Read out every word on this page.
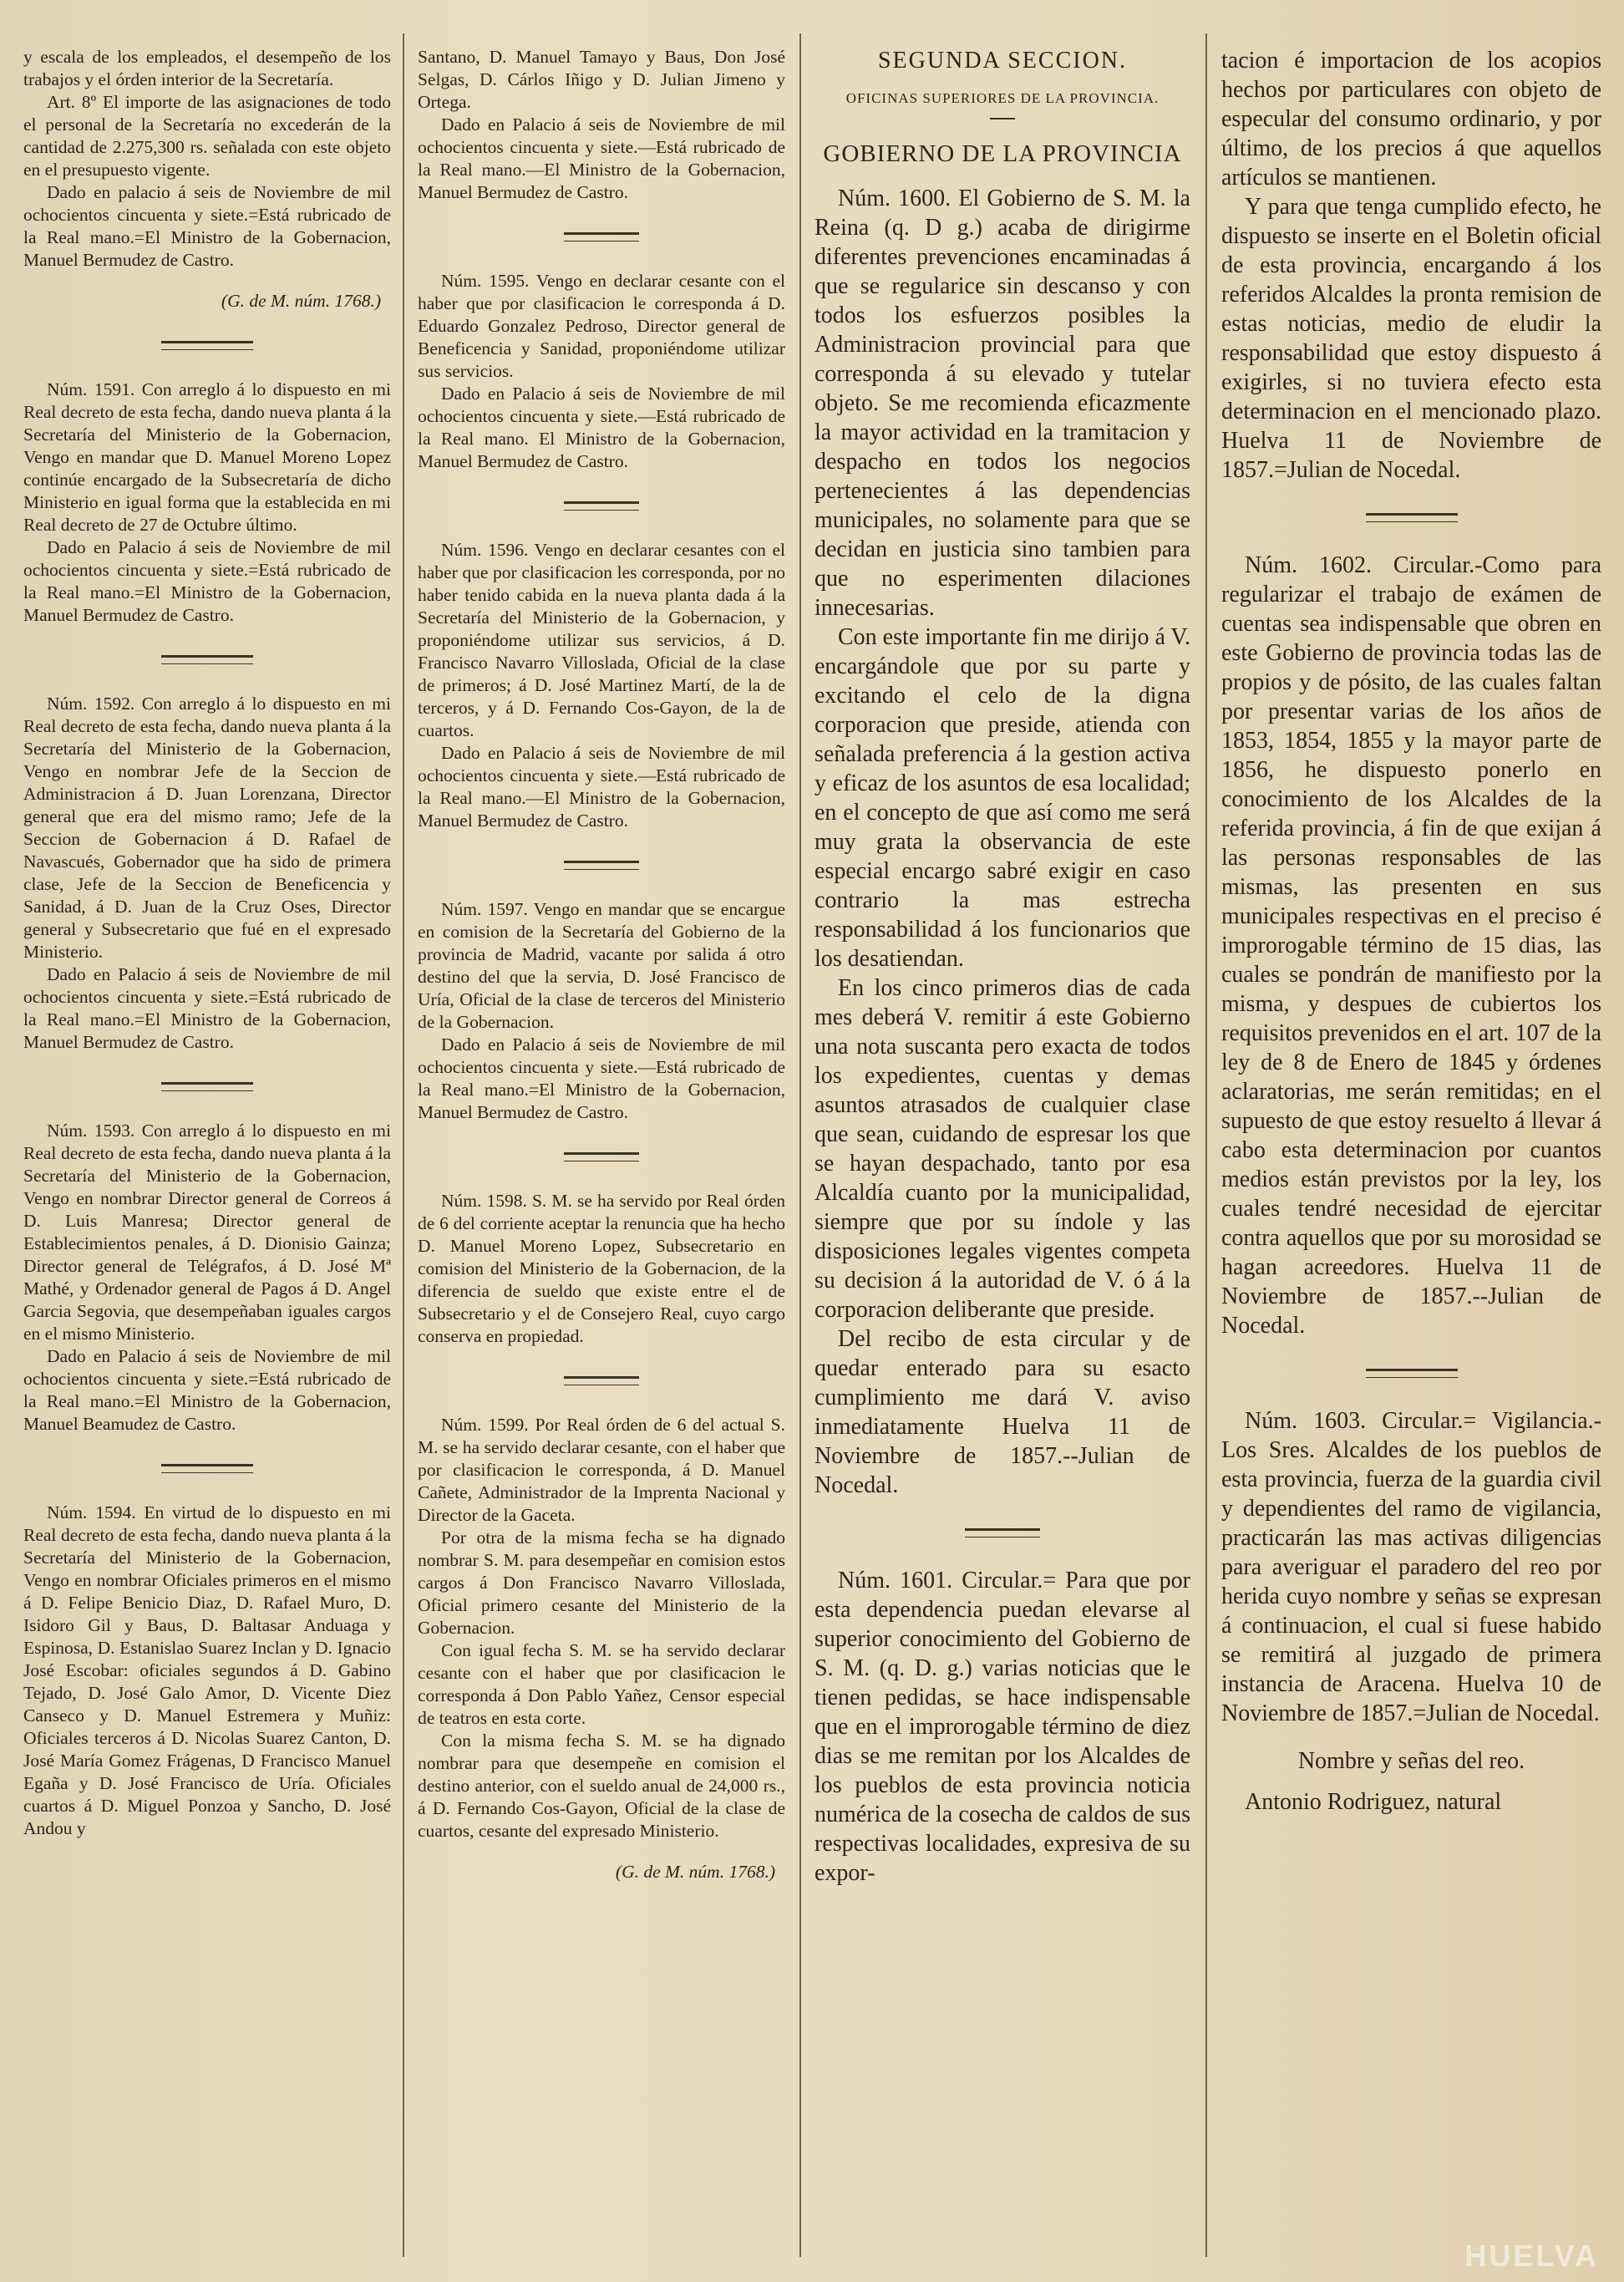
y escala de los empleados, el desempeño de los trabajos y el órden interior de la Secretaría.

Art. 8º El importe de las asignaciones de todo el personal de la Secretaría no excederán de la cantidad de 2.275,300 rs. señalada con este objeto en el presupuesto vigente.

Dado en palacio á seis de Noviembre de mil ochocientos cincuenta y siete.=Está rubricado de la Real mano.=El Ministro de la Gobernacion, Manuel Bermudez de Castro.

(G. de M. núm. 1768.)

Núm. 1591. Con arreglo á lo dispuesto en mi Real decreto de esta fecha, dando nueva planta á la Secretaría del Ministerio de la Gobernacion, Vengo en mandar que D. Manuel Moreno Lopez continúe encargado de la Subsecretaría de dicho Ministerio en igual forma que la establecida en mi Real decreto de 27 de Octubre último.

Dado en Palacio á seis de Noviembre de mil ochocientos cincuenta y siete.=Está rubricado de la Real mano.=El Ministro de la Gobernacion, Manuel Bermudez de Castro.

Núm. 1592. Con arreglo á lo dispuesto en mi Real decreto de esta fecha, dando nueva planta á la Secretaría del Ministerio de la Gobernacion, Vengo en nombrar Jefe de la Seccion de Administracion á D. Juan Lorenzana, Director general que era del mismo ramo; Jefe de la Seccion de Gobernacion á D. Rafael de Navascués, Gobernador que ha sido de primera clase, Jefe de la Seccion de Beneficencia y Sanidad, á D. Juan de la Cruz Oses, Director general y Subsecretario que fué en el expresado Ministerio.

Dado en Palacio á seis de Noviembre de mil ochocientos cincuenta y siete.=Está rubricado de la Real mano.=El Ministro de la Gobernacion, Manuel Bermudez de Castro.

Núm. 1593. Con arreglo á lo dispuesto en mi Real decreto de esta fecha, dando nueva planta á la Secretaría del Ministerio de la Gobernacion, Vengo en nombrar Director general de Correos á D. Luis Manresa; Director general de Establecimientos penales, á D. Dionisio Gainza; Director general de Telégrafos, á D. José Mª Mathé, y Ordenador general de Pagos á D. Angel Garcia Segovia, que desempeñaban iguales cargos en el mismo Ministerio.

Dado en Palacio á seis de Noviembre de mil ochocientos cincuenta y siete.=Está rubricado de la Real mano.=El Ministro de la Gobernacion, Manuel Beamudez de Castro.

Núm. 1594. En virtud de lo dispuesto en mi Real decreto de esta fecha, dando nueva planta á la Secretaría del Ministerio de la Gobernacion, Vengo en nombrar Oficiales primeros en el mismo á D. Felipe Benicio Diaz, D. Rafael Muro, D. Isidoro Gil y Baus, D. Baltasar Anduaga y Espinosa, D. Estanislao Suarez Inclan y D. Ignacio José Escobar: oficiales segundos á D. Gabino Tejado, D. José Galo Amor, D. Vicente Diez Canseco y D. Manuel Estremera y Muñiz: Oficiales terceros á D. Nicolas Suarez Canton, D. José María Gomez Frágenas, D Francisco Manuel Egaña y D. José Francisco de Uría. Oficiales cuartos á D. Miguel Ponzoa y Sancho, D. José Andou y

Santano, D. Manuel Tamayo y Baus, Don José Selgas, D. Cárlos Iñigo y D. Julian Jimeno y Ortega.

Dado en Palacio á seis de Noviembre de mil ochocientos cincuenta y siete.—Está rubricado de la Real mano.—El Ministro de la Gobernacion, Manuel Bermudez de Castro.

Núm. 1595. Vengo en declarar cesante con el haber que por clasificacion le corresponda á D. Eduardo Gonzalez Pedroso, Director general de Beneficencia y Sanidad, proponiéndome utilizar sus servicios.

Dado en Palacio á seis de Noviembre de mil ochocientos cincuenta y siete.—Está rubricado de la Real mano. El Ministro de la Gobernacion, Manuel Bermudez de Castro.

Núm. 1596. Vengo en declarar cesantes con el haber que por clasificacion les corresponda, por no haber tenido cabida en la nueva planta dada á la Secretaría del Ministerio de la Gobernacion, y proponiéndome utilizar sus servicios, á D. Francisco Navarro Villoslada, Oficial de la clase de primeros; á D. José Martinez Martí, de la de terceros, y á D. Fernando Cos-Gayon, de la de cuartos.

Dado en Palacio á seis de Noviembre de mil ochocientos cincuenta y siete.—Está rubricado de la Real mano.—El Ministro de la Gobernacion, Manuel Bermudez de Castro.

Núm. 1597. Vengo en mandar que se encargue en comision de la Secretaría del Gobierno de la provincia de Madrid, vacante por salida á otro destino del que la servia, D. José Francisco de Uría, Oficial de la clase de terceros del Ministerio de la Gobernacion.

Dado en Palacio á seis de Noviembre de mil ochocientos cincuenta y siete.—Está rubricado de la Real mano.=El Ministro de la Gobernacion, Manuel Bermudez de Castro.

Núm. 1598. S. M. se ha servido por Real órden de 6 del corriente aceptar la renuncia que ha hecho D. Manuel Moreno Lopez, Subsecretario en comision del Ministerio de la Gobernacion, de la diferencia de sueldo que existe entre el de Subsecretario y el de Consejero Real, cuyo cargo conserva en propiedad.

Núm. 1599. Por Real órden de 6 del actual S. M. se ha servido declarar cesante, con el haber que por clasificacion le corresponda, á D. Manuel Cañete, Administrador de la Imprenta Nacional y Director de la Gaceta.

Por otra de la misma fecha se ha dignado nombrar S. M. para desempeñar en comision estos cargos á Don Francisco Navarro Villoslada, Oficial primero cesante del Ministerio de la Gobernacion.

Con igual fecha S. M. se ha servido declarar cesante con el haber que por clasificacion le corresponda á Don Pablo Yañez, Censor especial de teatros en esta corte.

Con la misma fecha S. M. se ha dignado nombrar para que desempeñe en comision el destino anterior, con el sueldo anual de 24,000 rs., á D. Fernando Cos-Gayon, Oficial de la clase de cuartos, cesante del expresado Ministerio.

(G. de M. núm. 1768.)
SEGUNDA SECCION.
OFICINAS SUPERIORES DE LA PROVINCIA.
GOBIERNO DE LA PROVINCIA

Núm. 1600. El Gobierno de S. M. la Reina (q. D g.) acaba de dirigirme diferentes prevenciones encaminadas á que se regularice sin descanso y con todos los esfuerzos posibles la Administracion provincial para que corresponda á su elevado y tutelar objeto. Se me recomienda eficazmente la mayor actividad en la tramitacion y despacho en todos los negocios pertenecientes á las dependencias municipales, no solamente para que se decidan en justicia sino tambien para que no esperimenten dilaciones innecesarias.

Con este importante fin me dirijo á V. encargándole que por su parte y excitando el celo de la digna corporacion que preside, atienda con señalada preferencia á la gestion activa y eficaz de los asuntos de esa localidad; en el concepto de que así como me será muy grata la observancia de este especial encargo sabré exigir en caso contrario la mas estrecha responsabilidad á los funcionarios que los desatiendan.

En los cinco primeros dias de cada mes deberá V. remitir á este Gobierno una nota suscanta pero exacta de todos los expedientes, cuentas y demas asuntos atrasados de cualquier clase que sean, cuidando de espresar los que se hayan despachado, tanto por esa Alcaldía cuanto por la municipalidad, siempre que por su índole y las disposiciones legales vigentes competa su decision á la autoridad de V. ó á la corporacion deliberante que preside.

Del recibo de esta circular y de quedar enterado para su esacto cumplimiento me dará V. aviso inmediatamente Huelva 11 de Noviembre de 1857.--Julian de Nocedal.

Núm. 1601. Circular.= Para que por esta dependencia puedan elevarse al superior conocimiento del Gobierno de S. M. (q. D. g.) varias noticias que le tienen pedidas, se hace indispensable que en el improrogable término de diez dias se me remitan por los Alcaldes de los pueblos de esta provincia noticia numérica de la cosecha de caldos de sus respectivas localidades, expresiva de su expor-

tacion é importacion de los acopios hechos por particulares con objeto de especular del consumo ordinario, y por último, de los precios á que aquellos artículos se mantienen.

Y para que tenga cumplido efecto, he dispuesto se inserte en el Boletin oficial de esta provincia, encargando á los referidos Alcaldes la pronta remision de estas noticias, medio de eludir la responsabilidad que estoy dispuesto á exigirles, si no tuviera efecto esta determinacion en el mencionado plazo. Huelva 11 de Noviembre de 1857.=Julian de Nocedal.

Núm. 1602. Circular.-Como para regularizar el trabajo de exámen de cuentas sea indispensable que obren en este Gobierno de provincia todas las de propios y de pósito, de las cuales faltan por presentar varias de los años de 1853, 1854, 1855 y la mayor parte de 1856, he dispuesto ponerlo en conocimiento de los Alcaldes de la referida provincia, á fin de que exijan á las personas responsables de las mismas, las presenten en sus municipales respectivas en el preciso é improrogable término de 15 dias, las cuales se pondrán de manifiesto por la misma, y despues de cubiertos los requisitos prevenidos en el art. 107 de la ley de 8 de Enero de 1845 y órdenes aclaratorias, me serán remitidas; en el supuesto de que estoy resuelto á llevar á cabo esta determinacion por cuantos medios están previstos por la ley, los cuales tendré necesidad de ejercitar contra aquellos que por su morosidad se hagan acreedores. Huelva 11 de Noviembre de 1857.--Julian de Nocedal.

Núm. 1603. Circular.= Vigilancia.- Los Sres. Alcaldes de los pueblos de esta provincia, fuerza de la guardia civil y dependientes del ramo de vigilancia, practicarán las mas activas diligencias para averiguar el paradero del reo por herida cuyo nombre y señas se expresan á continuacion, el cual si fuese habido se remitirá al juzgado de primera instancia de Aracena. Huelva 10 de Noviembre de 1857.=Julian de Nocedal.

Nombre y señas del reo.

Antonio Rodriguez, natural

HUELVA
